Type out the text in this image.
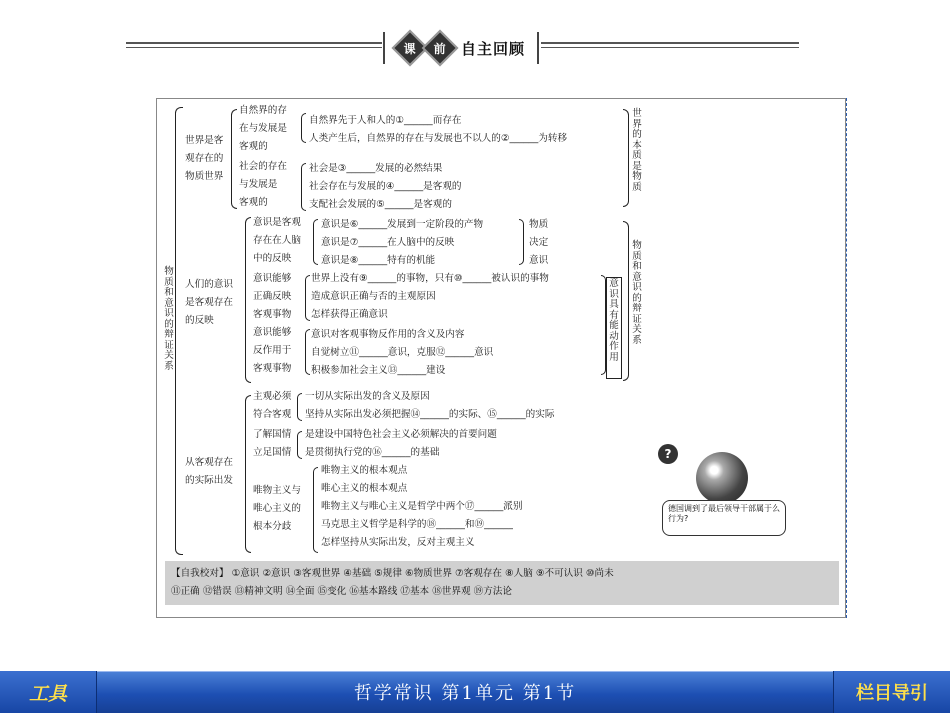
课 前 自主回顾
物质和意识的辩证关系
世界是客
观存在的
物质世界
自然界的存
在与发展是
客观的
自然界先于人和人的①______而存在
人类产生后，自然界的存在与发展也不以人的②______为转移
社会的存在
与发展是
客观的
社会是③______发展的必然结果
社会存在与发展的④______是客观的
支配社会发展的⑤______是客观的
世界的本质是物质
人们的意识
是客观存在
的反映
意识是客观
存在在人脑
中的反映
意识是⑥______发展到一定阶段的产物
意识是⑦______在人脑中的反映
意识是⑧______特有的机能
物质
决定
意识
意识能够
正确反映
客观事物
世界上没有⑨______的事物，只有⑩______被认识的事物
造成意识正确与否的主观原因
怎样获得正确意识
意识能够
反作用于
客观事物
意识对客观事物反作用的含义及内容
自觉树立⑪______意识，克服⑫______意识
积极参加社会主义⑬______建设
意识具有能动作用
物质和意识的辩证关系
从客观存在
的实际出发
主观必须
符合客观
一切从实际出发的含义及原因
坚持从实际出发必须把握⑭______的实际、⑮______的实际
了解国情
立足国情
是建设中国特色社会主义必须解决的首要问题
是贯彻执行党的⑯______的基础
唯物主义与
唯心主义的
根本分歧
唯物主义的根本观点
唯心主义的根本观点
唯物主义与唯心主义是哲学中两个⑰______派别
马克思主义哲学是科学的⑱______和⑲______
怎样坚持从实际出发，反对主观主义
【自我校对】 ①意识 ②意识 ③客观世界 ④基础 ⑤规律 ⑥物质世界 ⑦客观存在 ⑧人脑 ⑨不可认识 ⑩尚未
⑪正确 ⑫错误 ⑬精神文明 ⑭全面 ⑮变化 ⑯基本路线 ⑰基本 ⑱世界观 ⑲方法论
?
德国调到了最后领导干部属于么行为?
工具	哲学常识 第1单元 第1节	栏目导引
